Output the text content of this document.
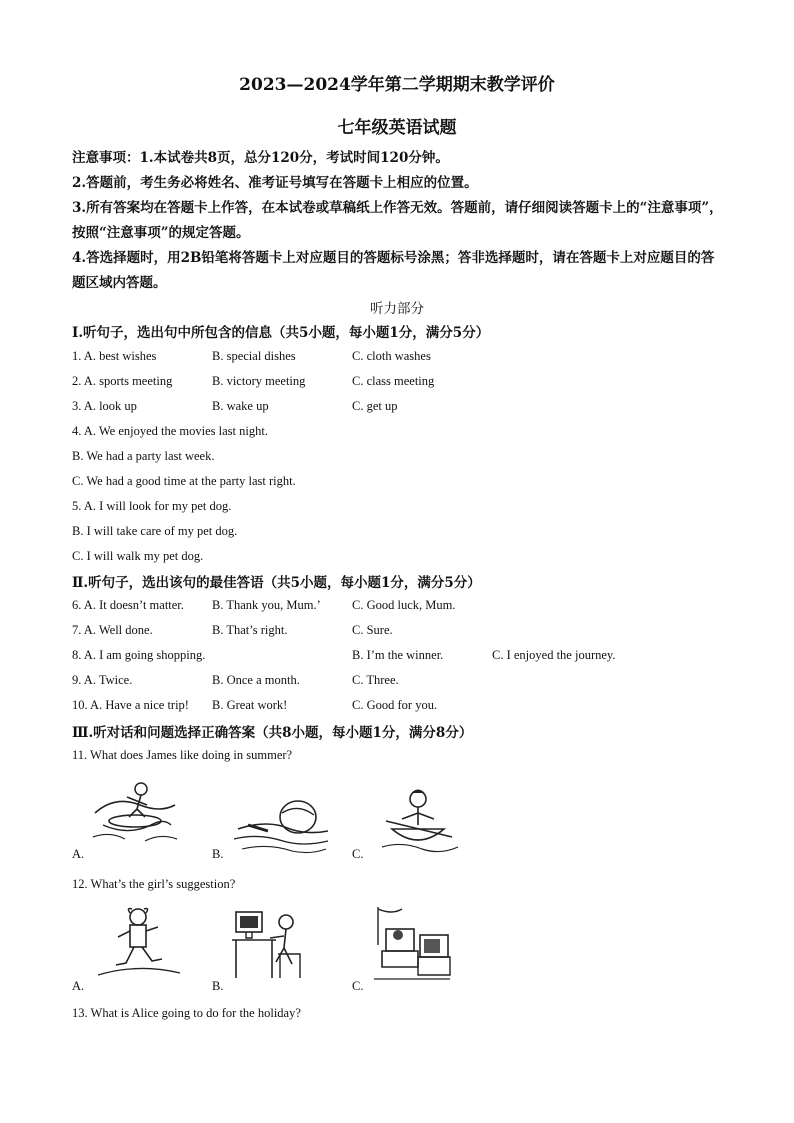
2023—2024学年第二学期期末教学评价
七年级英语试题
注意事项：1.本试卷共8页，总分120分，考试时间120分钟。
2.答题前，考生务必将姓名、准考证号填写在答题卡上相应的位置。
3.所有答案均在答题卡上作答，在本试卷或草稿纸上作答无效。答题前，请仔细阅读答题卡上的“注意事项”，按照“注意事项”的规定答题。
4.答选择题时，用2B铅笔将答题卡上对应题目的答题标号涂黑；答非选择题时，请在答题卡上对应题目的答题区域内答题。
听力部分
Ⅰ.听句子，选出句中所包含的信息（共5小题，每小题1分，满分5分）
1. A. best wishes	B. special dishes	C. cloth washes
2. A. sports meeting	B. victory meeting	C. class meeting
3. A. look up	B. wake up	C. get up
4. A. We enjoyed the movies last night.
B. We had a party last week.
C. We had a good time at the party last right.
5. A. I will look for my pet dog.
B. I will take care of my pet dog.
C. I will walk my pet dog.
Ⅱ.听句子，选出该句的最佳答语（共5小题，每小题1分，满分5分）
6. A. It doesn’t matter. B. Thank you, Mum.’ C. Good luck, Mum.
7. A. Well done.	B. That’s right.	C. Sure.
8. A. I am going shopping.	B. I’m the winner.	C. I enjoyed the journey.
9. A. Twice.	B. Once a month.	C. Three.
10. A. Have a nice trip! B. Great work!	C. Good for you.
Ⅲ.听对话和问题选择正确答案（共8小题，每小题1分，满分8分）
11. What does James like doing in summer?
A.	B.	C.
12. What’s the girl’s suggestion?
A.	B.	C.
13. What is Alice going to do for the holiday?
